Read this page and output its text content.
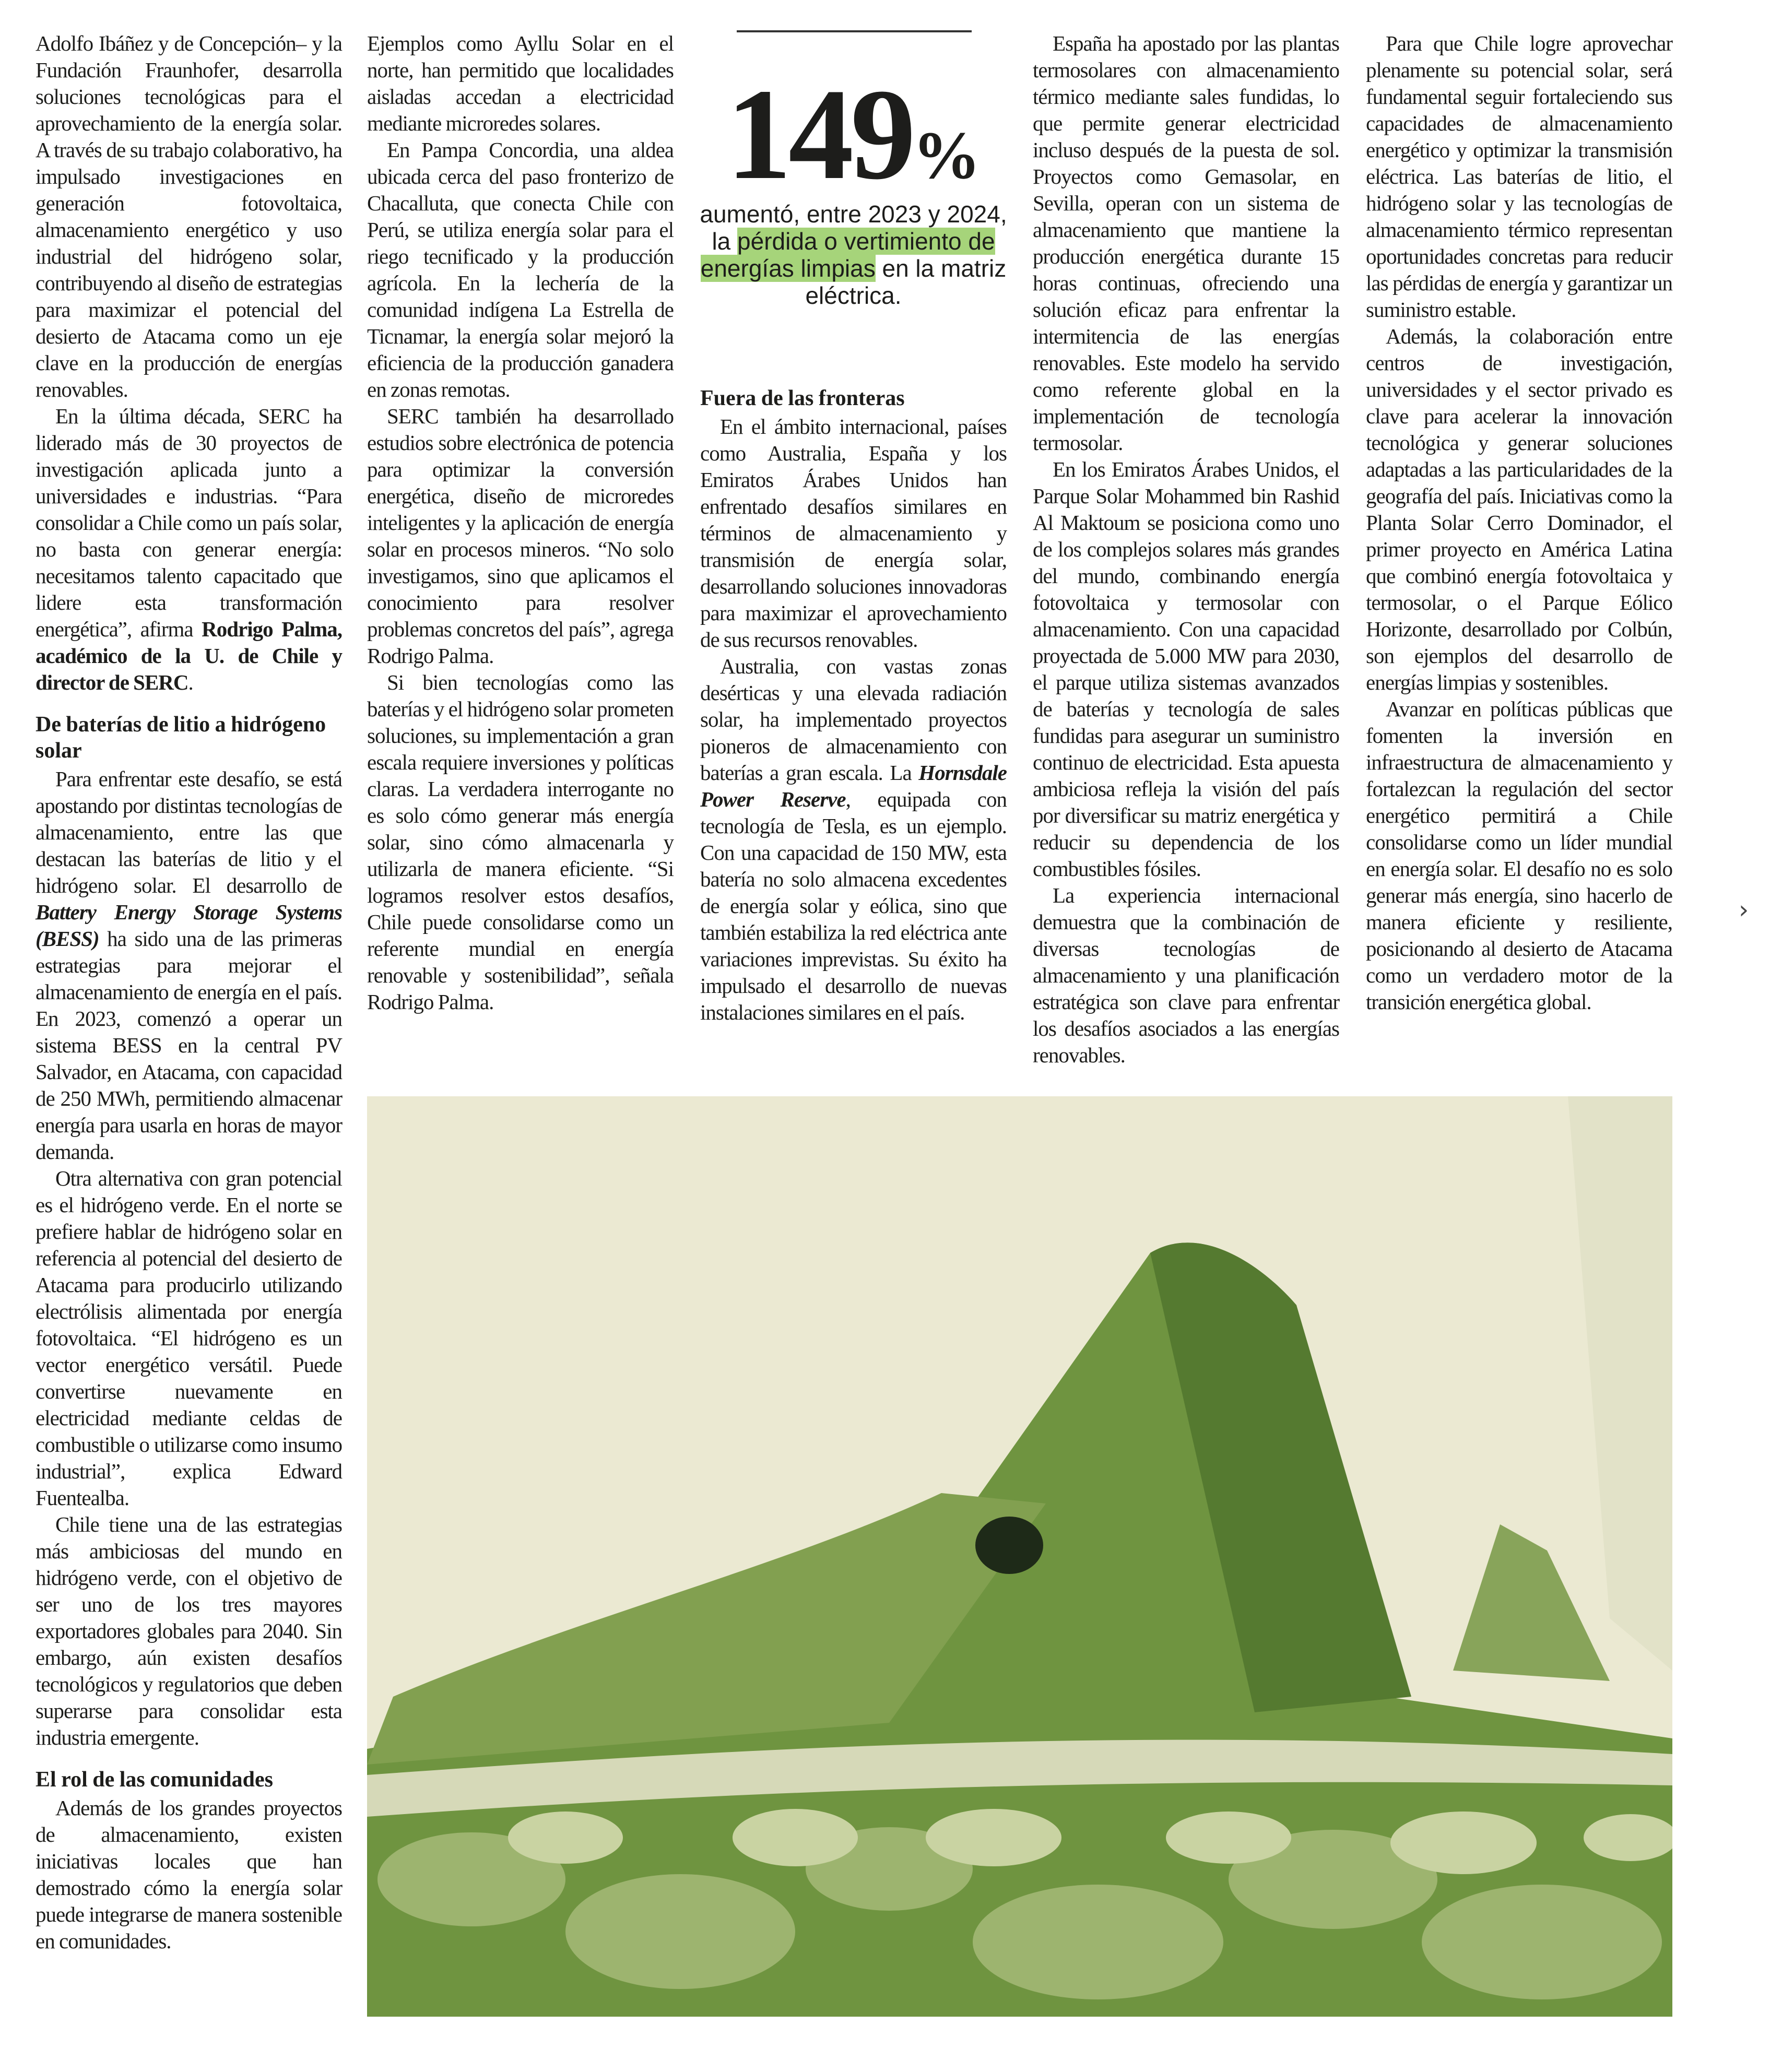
Adolfo Ibáñez y de Concepción– y la Fundación Fraunhofer, desarrolla soluciones tecnológicas para el aprovechamiento de la energía solar. A través de su trabajo colaborativo, ha impulsado investigaciones en generación fotovoltaica, almacenamiento energético y uso industrial del hidrógeno solar, contribuyendo al diseño de estrategias para maximizar el potencial del desierto de Atacama como un eje clave en la producción de energías renovables.

En la última década, SERC ha liderado más de 30 proyectos de investigación aplicada junto a universidades e industrias. “Para consolidar a Chile como un país solar, no basta con generar energía: necesitamos talento capacitado que lidere esta transformación energética”, afirma Rodrigo Palma, académico de la U. de Chile y director de SERC.

De baterías de litio a hidrógeno solar

Para enfrentar este desafío, se está apostando por distintas tecnologías de almacenamiento, entre las que destacan las baterías de litio y el hidrógeno solar. El desarrollo de Battery Energy Storage Systems (BESS) ha sido una de las primeras estrategias para mejorar el almacenamiento de energía en el país. En 2023, comenzó a operar un sistema BESS en la central PV Salvador, en Atacama, con capacidad de 250 MWh, permitiendo almacenar energía para usarla en horas de mayor demanda.

Otra alternativa con gran potencial es el hidrógeno verde. En el norte se prefiere hablar de hidrógeno solar en referencia al potencial del desierto de Atacama para producirlo utilizando electrólisis alimentada por energía fotovoltaica. “El hidrógeno es un vector energético versátil. Puede convertirse nuevamente en electricidad mediante celdas de combustible o utilizarse como insumo industrial”, explica Edward Fuentealba.

Chile tiene una de las estrategias más ambiciosas del mundo en hidrógeno verde, con el objetivo de ser uno de los tres mayores exportadores globales para 2040. Sin embargo, aún existen desafíos tecnológicos y regulatorios que deben superarse para consolidar esta industria emergente.

El rol de las comunidades

Además de los grandes proyectos de almacenamiento, existen iniciativas locales que han demostrado cómo la energía solar puede integrarse de manera sostenible en comunidades.

Ejemplos como Ayllu Solar en el norte, han permitido que localidades aisladas accedan a electricidad mediante microredes solares.

En Pampa Concordia, una aldea ubicada cerca del paso fronterizo de Chacalluta, que conecta Chile con Perú, se utiliza energía solar para el riego tecnificado y la producción agrícola. En la lechería de la comunidad indígena La Estrella de Ticnamar, la energía solar mejoró la eficiencia de la producción ganadera en zonas remotas.

SERC también ha desarrollado estudios sobre electrónica de potencia para optimizar la conversión energética, diseño de microredes inteligentes y la aplicación de energía solar en procesos mineros. “No solo investigamos, sino que aplicamos el conocimiento para resolver problemas concretos del país”, agrega Rodrigo Palma.

Si bien tecnologías como las baterías y el hidrógeno solar prometen soluciones, su implementación a gran escala requiere inversiones y políticas claras. La verdadera interrogante no es solo cómo generar más energía solar, sino cómo almacenarla y utilizarla de manera eficiente. “Si logramos resolver estos desafíos, Chile puede consolidarse como un referente mundial en energía renovable y sostenibilidad”, señala Rodrigo Palma.

149%
aumentó, entre 2023 y 2024, la pérdida o vertimiento de energías limpias en la matriz eléctrica.
Fuera de las fronteras

En el ámbito internacional, países como Australia, España y los Emiratos Árabes Unidos han enfrentado desafíos similares en términos de almacenamiento y transmisión de energía solar, desarrollando soluciones innovadoras para maximizar el aprovechamiento de sus recursos renovables.

Australia, con vastas zonas desérticas y una elevada radiación solar, ha implementado proyectos pioneros de almacenamiento con baterías a gran escala. La Hornsdale Power Reserve, equipada con tecnología de Tesla, es un ejemplo. Con una capacidad de 150 MW, esta batería no solo almacena excedentes de energía solar y eólica, sino que también estabiliza la red eléctrica ante variaciones imprevistas. Su éxito ha impulsado el desarrollo de nuevas instalaciones similares en el país.

España ha apostado por las plantas termosolares con almacenamiento térmico mediante sales fundidas, lo que permite generar electricidad incluso después de la puesta de sol. Proyectos como Gemasolar, en Sevilla, operan con un sistema de almacenamiento que mantiene la producción energética durante 15 horas continuas, ofreciendo una solución eficaz para enfrentar la intermitencia de las energías renovables. Este modelo ha servido como referente global en la implementación de tecnología termosolar.

En los Emiratos Árabes Unidos, el Parque Solar Mohammed bin Rashid Al Maktoum se posiciona como uno de los complejos solares más grandes del mundo, combinando energía fotovoltaica y termosolar con almacenamiento. Con una capacidad proyectada de 5.000 MW para 2030, el parque utiliza sistemas avanzados de baterías y tecnología de sales fundidas para asegurar un suministro continuo de electricidad. Esta apuesta ambiciosa refleja la visión del país por diversificar su matriz energética y reducir su dependencia de los combustibles fósiles.

La experiencia internacional demuestra que la combinación de diversas tecnologías de almacenamiento y una planificación estratégica son clave para enfrentar los desafíos asociados a las energías renovables.

Para que Chile logre aprovechar plenamente su potencial solar, será fundamental seguir fortaleciendo sus capacidades de almacenamiento energético y optimizar la transmisión eléctrica. Las baterías de litio, el hidrógeno solar y las tecnologías de almacenamiento térmico representan oportunidades concretas para reducir las pérdidas de energía y garantizar un suministro estable.

Además, la colaboración entre centros de investigación, universidades y el sector privado es clave para acelerar la innovación tecnológica y generar soluciones adaptadas a las particularidades de la geografía del país. Iniciativas como la Planta Solar Cerro Dominador, el primer proyecto en América Latina que combinó energía fotovoltaica y termosolar, o el Parque Eólico Horizonte, desarrollado por Colbún, son ejemplos del desarrollo de energías limpias y sostenibles.

Avanzar en políticas públicas que fomenten la inversión en infraestructura de almacenamiento y fortalezcan la regulación del sector energético permitirá a Chile consolidarse como un líder mundial en energía solar. El desafío no es solo generar más energía, sino hacerlo de manera eficiente y resiliente, posicionando al desierto de Atacama como un verdadero motor de la transición energética global.

›
